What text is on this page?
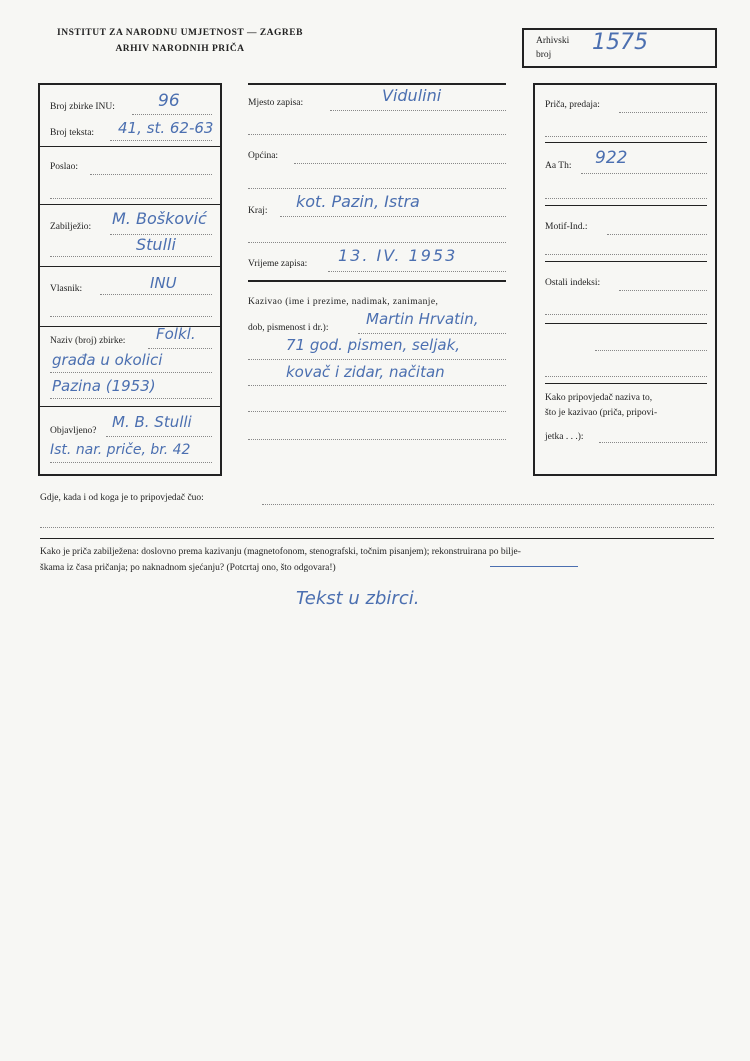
INSTITUT ZA NARODNU UMJETNOST — ZAGREB
ARHIV NARODNIH PRIČA
Arhivski
broj 1575
Broj zbirke INU:	96
Broj teksta: 41, st. 62-63
Poslao:
Zabilježio: M. Bošković
Stulli
Vlasnik:	INU
Naziv (broj) zbirke: Folkl.
građa u okolici
Pazina (1953)
Objavljeno? M. B. Stulli
Ist. nar. priče, br. 42
Mjesto zapisa:	Vidulini
Općina:
Kraj: kot. Pazin, Istra
Vrijeme zapisa: 13. IV. 1953
Kazivao (ime i prezime, nadimak, zanimanje,
dob, pismenost i dr.):	Martin Hrvatin,
71 god. pismen, seljak,
kovač i zidar, načitan
Priča, predaja:
Aa Th: 922
Motif-Ind.:
Ostali indeksi:
Kako pripovjedač naziva to,
što je kazivao (priča, pripovi-
jetka . . .):
Gdje, kada i od koga je to pripovjedač čuo:
Kako je priča zabilježena: doslovno prema kazivanju (magnetofonom, stenografski, točnim pisanjem); rekonstruirana po bilje-
škama iz časa pričanja; po naknadnom sjećanju? (Potcrtaj ono, što odgovara!)
Tekst u zbirci.
